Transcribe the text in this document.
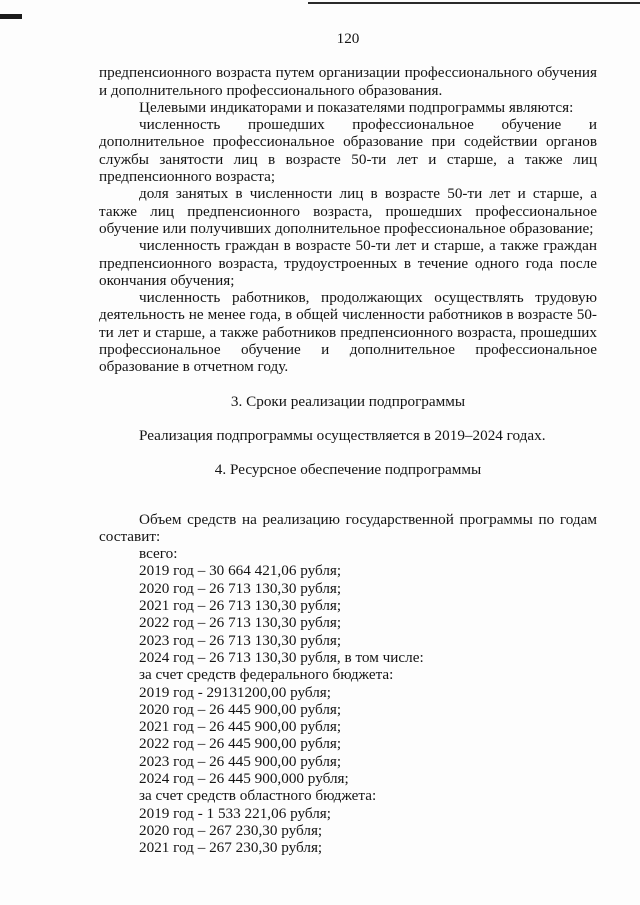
120

предпенсионного возраста путем организации профессионального обучения и дополнительного профессионального образования.

Целевыми индикаторами и показателями подпрограммы являются:

численность прошедших профессиональное обучение и дополнительное профессиональное образование при содействии органов службы занятости лиц в возрасте 50-ти лет и старше, а также лиц предпенсионного возраста;

доля занятых в численности лиц в возрасте 50-ти лет и старше, а также лиц предпенсионного возраста, прошедших профессиональное обучение или получивших дополнительное профессиональное образование;

численность граждан в возрасте 50-ти лет и старше, а также граждан предпенсионного возраста, трудоустроенных в течение одного года после окончания обучения;

численность работников, продолжающих осуществлять трудовую деятельность не менее года, в общей численности работников в возрасте 50-ти лет и старше, а также работников предпенсионного возраста, прошедших профессиональное обучение и дополнительное профессиональное образование в отчетном году.

3. Сроки реализации подпрограммы

Реализация подпрограммы осуществляется в 2019–2024 годах.

4. Ресурсное обеспечение подпрограммы

Объем средств на реализацию государственной программы по годам составит:

всего:
2019 год – 30 664 421,06 рубля;
2020 год – 26 713 130,30 рубля;
2021 год – 26 713 130,30 рубля;
2022 год – 26 713 130,30 рубля;
2023 год – 26 713 130,30 рубля;
2024 год – 26 713 130,30 рубля, в том числе:
за счет средств федерального бюджета:
2019 год - 29131200,00 рубля;
2020 год – 26 445 900,00 рубля;
2021 год – 26 445 900,00 рубля;
2022 год – 26 445 900,00 рубля;
2023 год – 26 445 900,00 рубля;
2024 год – 26 445 900,000 рубля;
за счет средств областного бюджета:
2019 год - 1 533 221,06 рубля;
2020 год – 267 230,30 рубля;
2021 год – 267 230,30 рубля;
